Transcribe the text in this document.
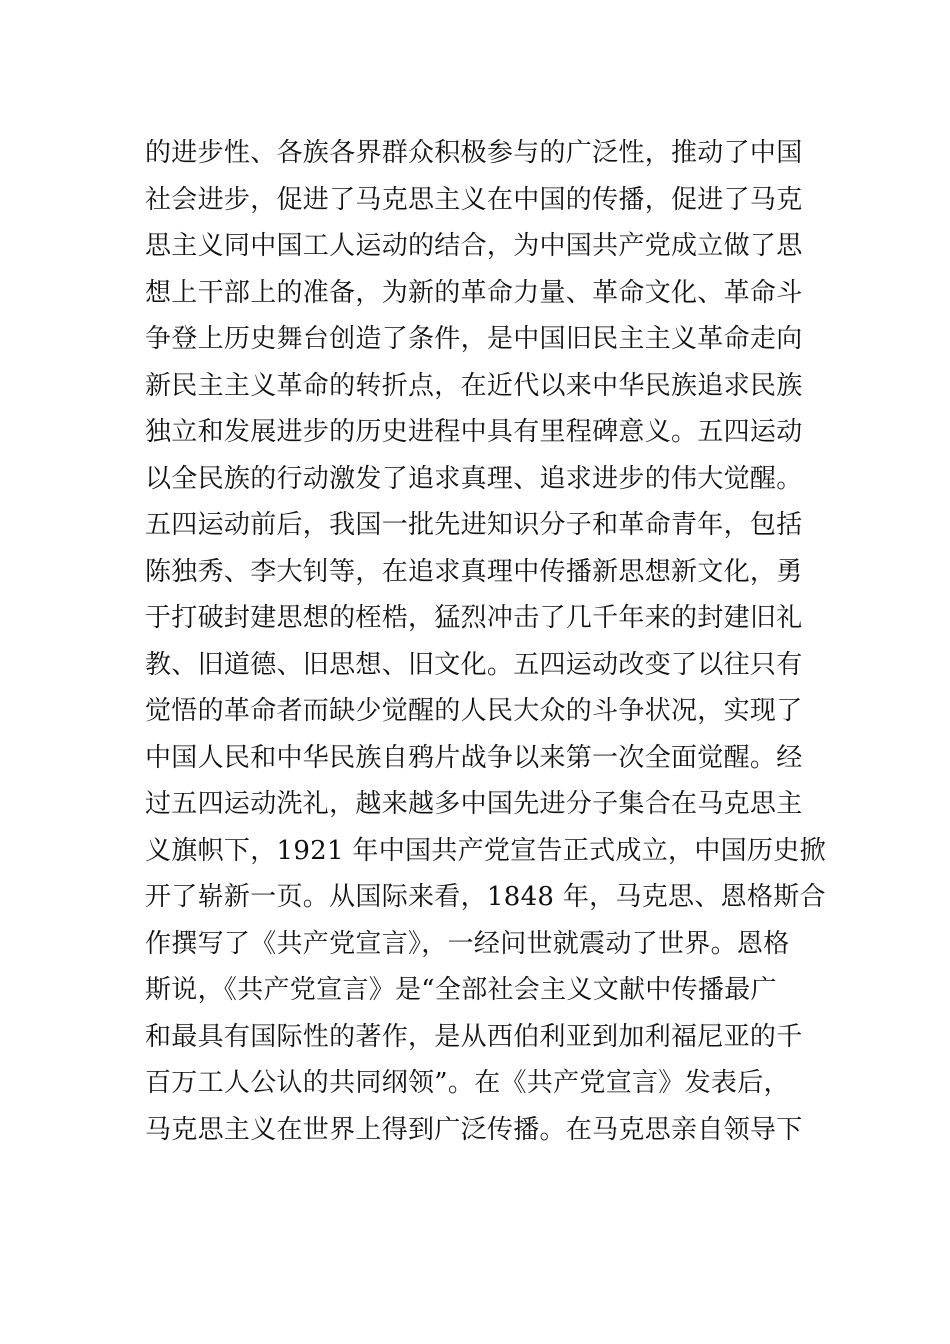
的进步性、各族各界群众积极参与的广泛性，推动了中国
社会进步，促进了马克思主义在中国的传播，促进了马克
思主义同中国工人运动的结合，为中国共产党成立做了思
想上干部上的准备，为新的革命力量、革命文化、革命斗
争登上历史舞台创造了条件，是中国旧民主主义革命走向
新民主主义革命的转折点，在近代以来中华民族追求民族
独立和发展进步的历史进程中具有里程碑意义。五四运动
以全民族的行动激发了追求真理、追求进步的伟大觉醒。
五四运动前后，我国一批先进知识分子和革命青年，包括
陈独秀、李大钊等，在追求真理中传播新思想新文化，勇
于打破封建思想的桎梏，猛烈冲击了几千年来的封建旧礼
教、旧道德、旧思想、旧文化。五四运动改变了以往只有
觉悟的革命者而缺少觉醒的人民大众的斗争状况，实现了
中国人民和中华民族自鸦片战争以来第一次全面觉醒。经
过五四运动洗礼，越来越多中国先进分子集合在马克思主
义旗帜下，1921 年中国共产党宣告正式成立，中国历史掀
开了崭新一页。从国际来看，1848 年，马克思、恩格斯合
作撰写了《共产党宣言》，一经问世就震动了世界。恩格
斯说，《共产党宣言》是“全部社会主义文献中传播最广
和最具有国际性的著作，是从西伯利亚到加利福尼亚的千
百万工人公认的共同纲领”。在《共产党宣言》发表后，
马克思主义在世界上得到广泛传播。在马克思亲自领导下
